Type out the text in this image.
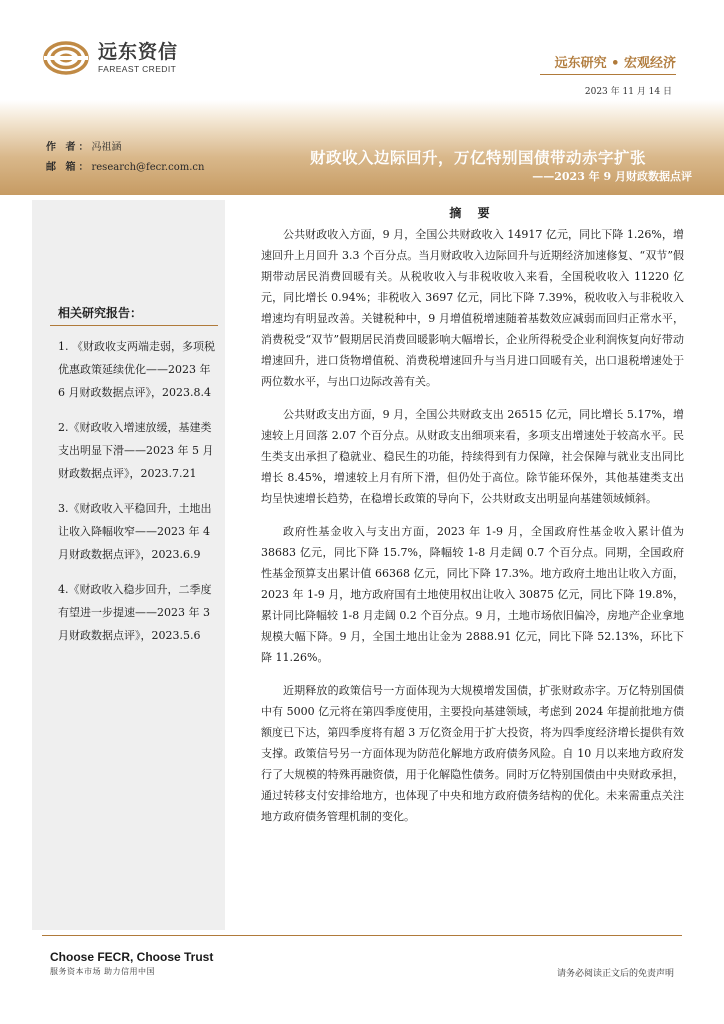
远东资信
FAREAST CREDIT	远东研究 • 宏观经济
2023 年 11 月 14 日
作 者：冯祖涵
邮 箱：research@fecr.com.cn
财政收入边际回升，万亿特别国债带动赤字扩张
——2023 年 9 月财政数据点评
相关研究报告：
1. 《财政收支两端走弱，多项税优惠政策延续优化——2023 年 6 月财政数据点评》，2023.8.4
2.《财政收入增速放缓，基建类支出明显下滑——2023 年 5 月财政数据点评》，2023.7.21
3.《财政收入平稳回升，土地出让收入降幅收窄——2023 年 4 月财政数据点评》，2023.6.9
4.《财政收入稳步回升，二季度有望进一步提速——2023 年 3 月财政数据点评》，2023.5.6
摘 要

公共财政收入方面，9 月，全国公共财政收入 14917 亿元，同比下降 1.26%，增速回升上月回升 3.3 个百分点。当月财政收入边际回升与近期经济加速修复、“双节”假期带动居民消费回暖有关。从税收收入与非税收收入来看，全国税收收入 11220 亿元，同比增长 0.94%；非税收入 3697 亿元，同比下降 7.39%，税收收入与非税收入增速均有明显改善。关键税种中，9 月增值税增速随着基数效应减弱而回归正常水平，消费税受“双节”假期居民消费回暖影响大幅增长，企业所得税受企业利润恢复向好带动增速回升，进口货物增值税、消费税增速回升与当月进口回暖有关，出口退税增速处于两位数水平，与出口边际改善有关。

公共财政支出方面，9 月，全国公共财政支出 26515 亿元，同比增长 5.17%，增速较上月回落 2.07 个百分点。从财政支出细项来看，多项支出增速处于较高水平。民生类支出承担了稳就业、稳民生的功能，持续得到有力保障，社会保障与就业支出同比增长 8.45%，增速较上月有所下滑，但仍处于高位。除节能环保外，其他基建类支出均呈快速增长趋势，在稳增长政策的导向下，公共财政支出明显向基建领域倾斜。

政府性基金收入与支出方面，2023 年 1-9 月，全国政府性基金收入累计值为 38683 亿元，同比下降 15.7%，降幅较 1-8 月走阔 0.7 个百分点。同期，全国政府性基金预算支出累计值 66368 亿元，同比下降 17.3%。地方政府土地出让收入方面，2023 年 1-9 月，地方政府国有土地使用权出让收入 30875 亿元，同比下降 19.8%，累计同比降幅较 1-8 月走阔 0.2 个百分点。9 月，土地市场依旧偏冷，房地产企业拿地规模大幅下降。9 月，全国土地出让金为 2888.91 亿元，同比下降 52.13%，环比下降 11.26%。

近期释放的政策信号一方面体现为大规模增发国债，扩张财政赤字。万亿特别国债中有 5000 亿元将在第四季度使用，主要投向基建领域，考虑到 2024 年提前批地方债额度已下达，第四季度将有超 3 万亿资金用于扩大投资，将为四季度经济增长提供有效支撑。政策信号另一方面体现为防范化解地方政府债务风险。自 10 月以来地方政府发行了大规模的特殊再融资债，用于化解隐性债务。同时万亿特别国债由中央财政承担，通过转移支付安排给地方，也体现了中央和地方政府债务结构的优化。未来需重点关注地方政府债务管理机制的变化。

Choose FECR, Choose Trust
服务资本市场 助力信用中国	请务必阅读正文后的免责声明
